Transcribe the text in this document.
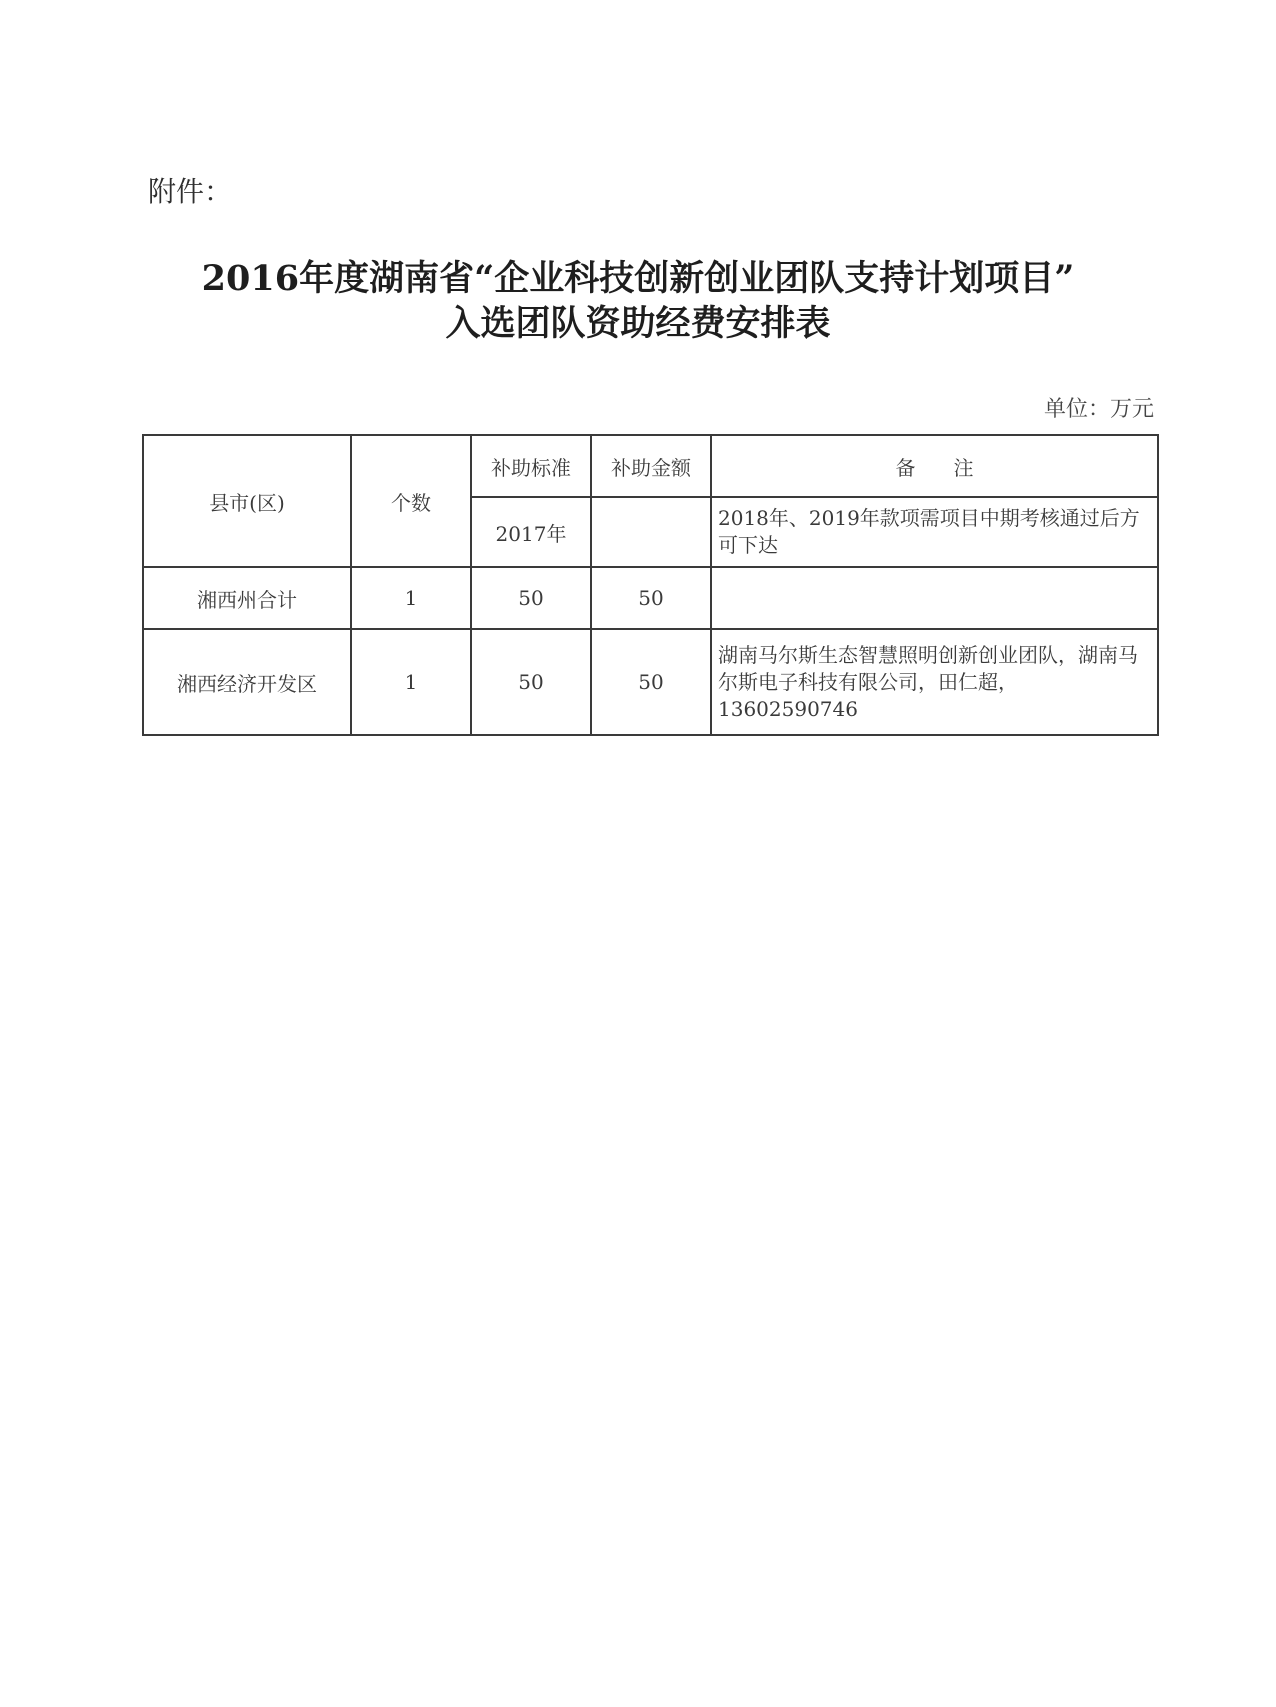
附件：
2016年度湖南省“企业科技创新创业团队支持计划项目”
入选团队资助经费安排表
单位：万元
县市(区)	个数	补助标准	补助金额	备注
		2017年		2018年、2019年款项需项目中期考核通过后方可下达
湘西州合计	1	50	50	
湘西经济开发区	1	50	50	湖南马尔斯生态智慧照明创新创业团队，湖南马尔斯电子科技有限公司，田仁超，13602590746
